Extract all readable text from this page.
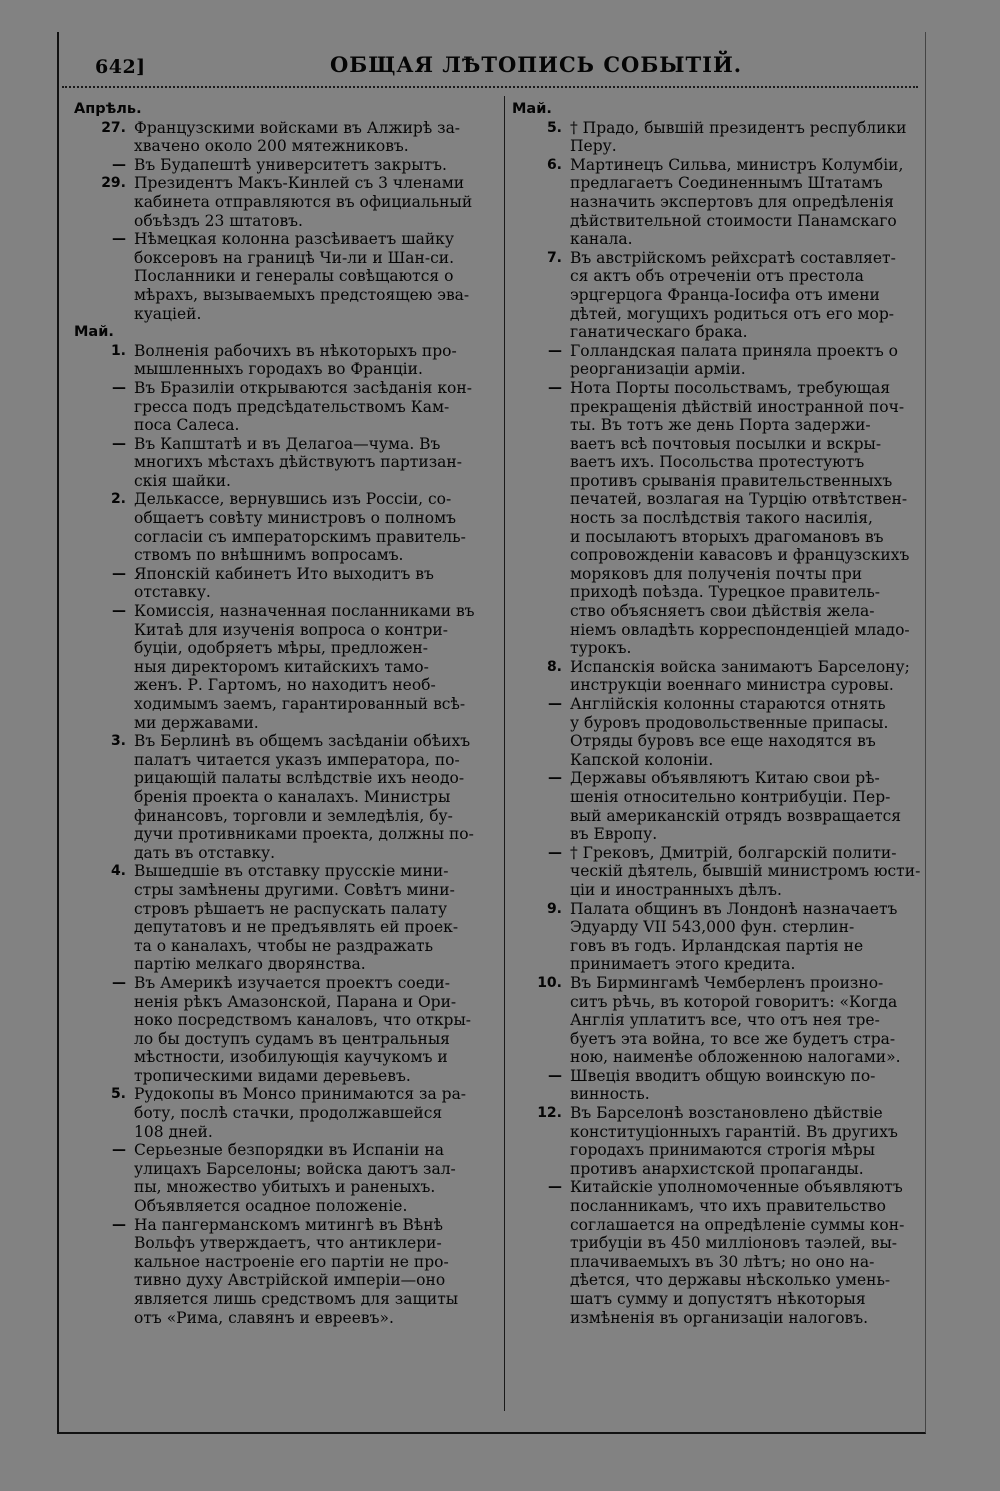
642]	ОБЩАЯ ЛѢТОПИСЬ СОБЫТІЙ.
Апрѣль.
27. Французскими войсками въ Алжирѣ за-
хвачено около 200 мятежниковъ.
— Въ Будапештѣ университетъ закрытъ.
29. Президентъ Макъ-Кинлей съ 3 членами
кабинета отправляются въ официальный
объѣздъ 23 штатовъ.
— Нѣмецкая колонна разсѣиваетъ шайку
боксеровъ на границѣ Чи-ли и Шан-си.
Посланники и генералы совѣщаются о
мѣрахъ, вызываемыхъ предстоящею эва-
куацiей.
Май.
1. Волненія рабочихъ въ нѣкоторыхъ про-
мышленныхъ городахъ во Франціи.
— Въ Бразиліи открываются засѣданія кон-
гресса подъ предсѣдательствомъ Кам-
поса Салеса.
— Въ Капштатѣ и въ Делагоа—чума. Въ
многихъ мѣстахъ дѣйствуютъ партизан-
скія шайки.
2. Делькассе, вернувшись изъ Россіи, со-
общаетъ совѣту министровъ о полномъ
согласіи съ императорскимъ правитель-
ствомъ по внѣшнимъ вопросамъ.
— Японскій кабинетъ Ито выходитъ въ
отставку.
— Комиссія, назначенная посланниками въ
Китаѣ для изученія вопроса о контри-
буціи, одобряетъ мѣры, предложен-
ныя директоромъ китайскихъ тамо-
женъ. Р. Гартомъ, но находитъ необ-
ходимымъ заемъ, гарантированный всѣ-
ми державами.
3. Въ Берлинѣ въ общемъ засѣданіи обѣихъ
палатъ читается указъ императора, по-
рицающій палаты вслѣдствіе ихъ неодо-
бренія проекта о каналахъ. Министры
финансовъ, торговли и земледѣлія, бу-
дучи противниками проекта, должны по-
дать въ отставку.
4. Вышедшіе въ отставку прусскіе мини-
стры замѣнены другими. Совѣтъ мини-
стровъ рѣшаетъ не распускать палату
депутатовъ и не предъявлять ей проек-
та о каналахъ, чтобы не раздражать
партію мелкаго дворянства.
— Въ Америкѣ изучается проектъ соеди-
ненія рѣкъ Амазонской, Парана и Ори-
ноко посредствомъ каналовъ, что откры-
ло бы доступъ судамъ въ центральныя
мѣстности, изобилующія каучукомъ и
тропическими видами деревьевъ.
5. Рудокопы въ Монсо принимаются за ра-
боту, послѣ стачки, продолжавшейся
108 дней.
— Серьезные безпорядки въ Испаніи на
улицахъ Барселоны; войска даютъ зал-
пы, множество убитыхъ и раненыхъ.
Объявляется осадное положеніе.
— На пангерманскомъ митингѣ въ Вѣнѣ
Вольфъ утверждаетъ, что антиклери-
кальное настроеніе его партіи не про-
тивно духу Австрійской имперіи—оно
является лишь средствомъ для защиты
отъ «Рима, славянъ и евреевъ».
Май.
5. † Прадо, бывшій президентъ республики
Перу.
6. Мартинецъ Сильва, министръ Колумбіи,
предлагаетъ Соединеннымъ Штатамъ
назначить экспертовъ для опредѣленія
дѣйствительной стоимости Панамскаго
канала.
7. Въ австрійскомъ рейхсратѣ составляет-
ся актъ объ отреченіи отъ престола
эрцгерцога Франца-Іосифа отъ имени
дѣтей, могущихъ родиться отъ его мор-
ганатическаго брака.
— Голландская палата приняла проектъ о
реорганизаціи арміи.
— Нота Порты посольствамъ, требующая
прекращенія дѣйствій иностранной поч-
ты. Въ тотъ же день Порта задержи-
ваетъ всѣ почтовыя посылки и вскры-
ваетъ ихъ. Посольства протестуютъ
противъ срыванія правительственныхъ
печатей, возлагая на Турцію отвѣтствен-
ность за послѣдствія такого насилія,
и посылаютъ вторыхъ драгомановъ въ
сопровожденіи кавасовъ и французскихъ
моряковъ для полученія почты при
приходѣ поѣзда. Турецкое правитель-
ство объясняетъ свои дѣйствія жела-
ніемъ овладѣть корреспонденціей младо-
турокъ.
8. Испанскія войска занимаютъ Барселону;
инструкціи военнаго министра суровы.
— Англійскія колонны стараются отнять
у буровъ продовольственные припасы.
Отряды буровъ все еще находятся въ
Капской колоніи.
— Державы объявляютъ Китаю свои рѣ-
шенія относительно контрибуціи. Пер-
вый американскій отрядъ возвращается
въ Европу.
— † Грековъ, Дмитрій, болгарскій полити-
ческій дѣятель, бывшій министромъ юсти-
ціи и иностранныхъ дѣлъ.
9. Палата общинъ въ Лондонѣ назначаетъ
Эдуарду VII 543,000 фун. стерлин-
говъ въ годъ. Ирландская партія не
принимаетъ этого кредита.
10. Въ Бирмингамѣ Чемберленъ произно-
ситъ рѣчь, въ которой говоритъ: «Когда
Англія уплатитъ все, что отъ нея тре-
буетъ эта война, то все же будетъ стра-
ною, наименѣе обложенною налогами».
— Швеція вводитъ общую воинскую по-
винность.
12. Въ Барселонѣ возстановлено дѣйствіе
конституціонныхъ гарантій. Въ другихъ
городахъ принимаются строгія мѣры
противъ анархистской пропаганды.
— Китайскіе уполномоченные объявляютъ
посланникамъ, что ихъ правительство
соглашается на опредѣленіе суммы кон-
трибуціи въ 450 милліоновъ таэлей, вы-
плачиваемыхъ въ 30 лѣтъ; но оно на-
дѣется, что державы нѣсколько умень-
шатъ сумму и допустятъ нѣкоторыя
измѣненія въ организаціи налоговъ.
